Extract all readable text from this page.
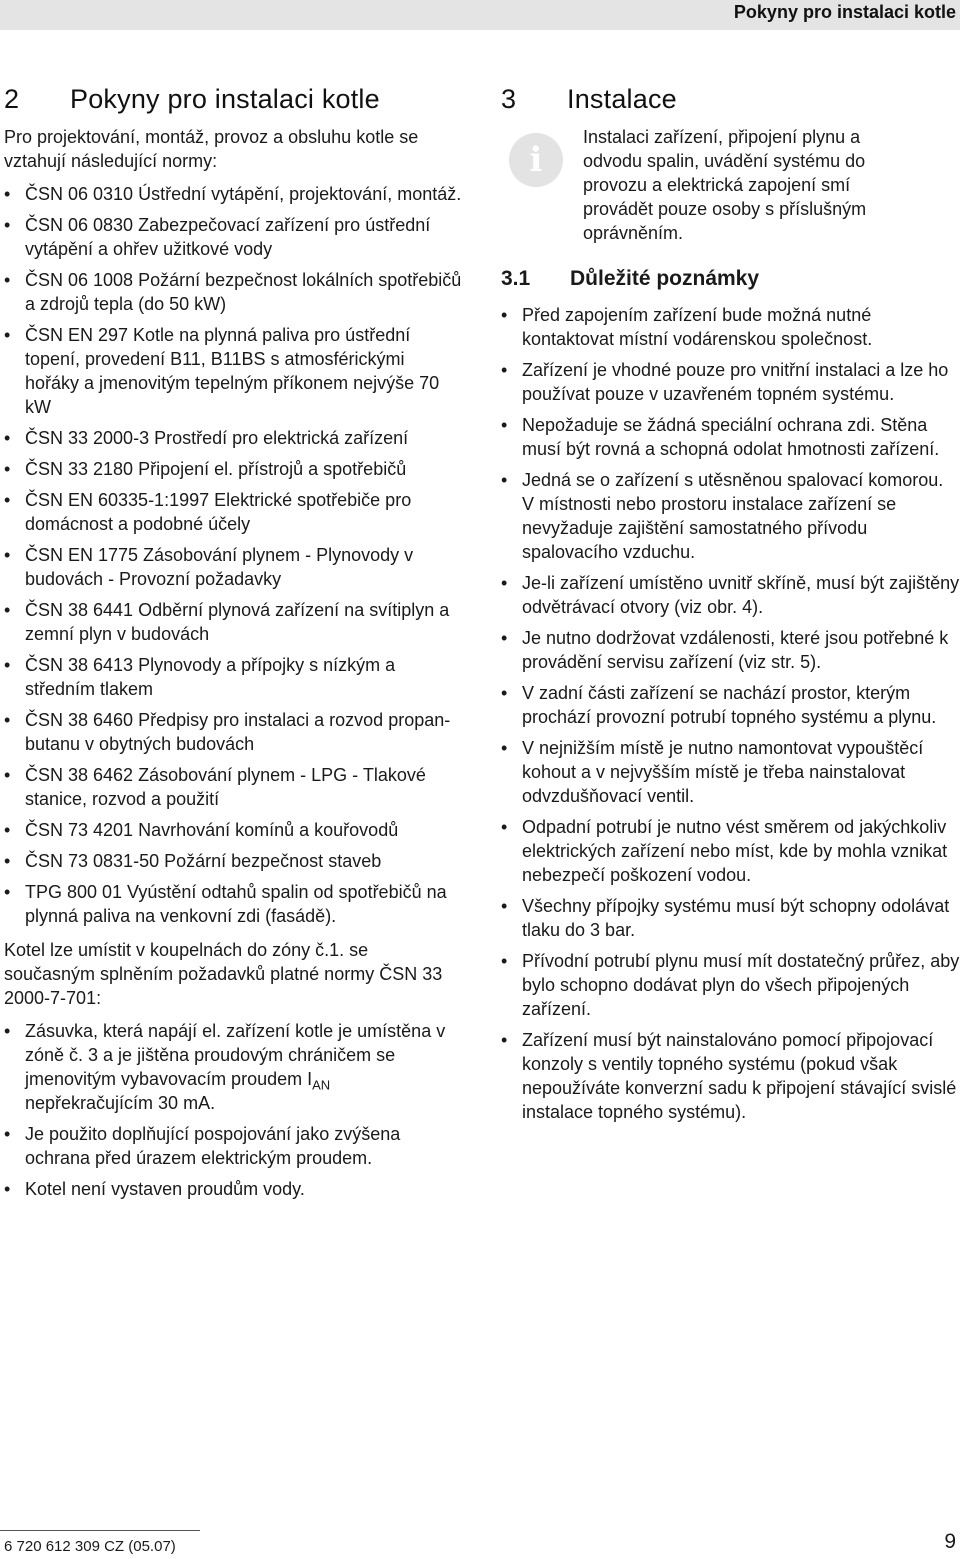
Pokyny pro instalaci kotle
2	Pokyny pro instalaci kotle

Pro projektování, montáž, provoz a obsluhu kotle se vztahují následující normy:

• ČSN 06 0310 Ústřední vytápění, projektování, montáž.
• ČSN 06 0830 Zabezpečovací zařízení pro ústřední vytápění a ohřev užitkové vody
• ČSN 06 1008 Požární bezpečnost lokálních spotřebičů a zdrojů tepla (do 50 kW)
• ČSN EN 297 Kotle na plynná paliva pro ústřední topení, provedení B11, B11BS s atmosférickými hořáky a jmenovitým tepelným příkonem nejvýše 70 kW
• ČSN 33 2000-3 Prostředí pro elektrická zařízení
• ČSN 33 2180 Připojení el. přístrojů a spotřebičů
• ČSN EN 60335-1:1997 Elektrické spotřebiče pro domácnost a podobné účely
• ČSN EN 1775 Zásobování plynem - Plynovody v budovách - Provozní požadavky
• ČSN 38 6441 Odběrní plynová zařízení na svítiplyn a zemní plyn v budovách
• ČSN 38 6413 Plynovody a přípojky s nízkým a středním tlakem
• ČSN 38 6460 Předpisy pro instalaci a rozvod propan-butanu v obytných budovách
• ČSN 38 6462 Zásobování plynem - LPG - Tlakové stanice, rozvod a použití
• ČSN 73 4201 Navrhování komínů a kouřovodů
• ČSN 73 0831-50 Požární bezpečnost staveb
• TPG 800 01 Vyústění odtahů spalin od spotřebičů na plynná paliva na venkovní zdi (fasádě).

Kotel lze umístit v koupelnách do zóny č.1. se současným splněním požadavků platné normy ČSN 33 2000-7-701:

• Zásuvka, která napájí el. zařízení kotle je umístěna v zóně č. 3 a je jištěna proudovým chráničem se jmenovitým vybavovacím proudem $I_{AN}$ nepřekračujícím 30 mA.
• Je použito doplňující pospojování jako zvýšena ochrana před úrazem elektrickým proudem.
• Kotel není vystaven proudům vody.
3	Instalace
i
Instalaci zařízení, připojení plynu a odvodu spalin, uvádění systému do provozu a elektrická zapojení smí provádět pouze osoby s příslušným oprávněním.
3.1	Důležité poznámky
• Před zapojením zařízení bude možná nutné kontaktovat místní vodárenskou společnost.
• Zařízení je vhodné pouze pro vnitřní instalaci a lze ho používat pouze v uzavřeném topném systému.
• Nepožaduje se žádná speciální ochrana zdi. Stěna musí být rovná a schopná odolat hmotnosti zařízení.
• Jedná se o zařízení s utěsněnou spalovací komorou. V místnosti nebo prostoru instalace zařízení se nevyžaduje zajištění samostatného přívodu spalovacího vzduchu.
• Je-li zařízení umístěno uvnitř skříně, musí být zajištěny odvětrávací otvory (viz obr. 4).
• Je nutno dodržovat vzdálenosti, které jsou potřebné k provádění servisu zařízení (viz str. 5).
• V zadní části zařízení se nachází prostor, kterým prochází provozní potrubí topného systému a plynu.
• V nejnižším místě je nutno namontovat vypouštěcí kohout a v nejvyšším místě je třeba nainstalovat odvzdušňovací ventil.
• Odpadní potrubí je nutno vést směrem od jakýchkoliv elektrických zařízení nebo míst, kde by mohla vznikat nebezpečí poškození vodou.
• Všechny přípojky systému musí být schopny odolávat tlaku do 3 bar.
• Přívodní potrubí plynu musí mít dostatečný průřez, aby bylo schopno dodávat plyn do všech připojených zařízení.
• Zařízení musí být nainstalováno pomocí připojovací konzoly s ventily topného systému (pokud však nepoužíváte konverzní sadu k připojení stávající svislé instalace topného systému).
6 720 612 309 CZ (05.07)	9
